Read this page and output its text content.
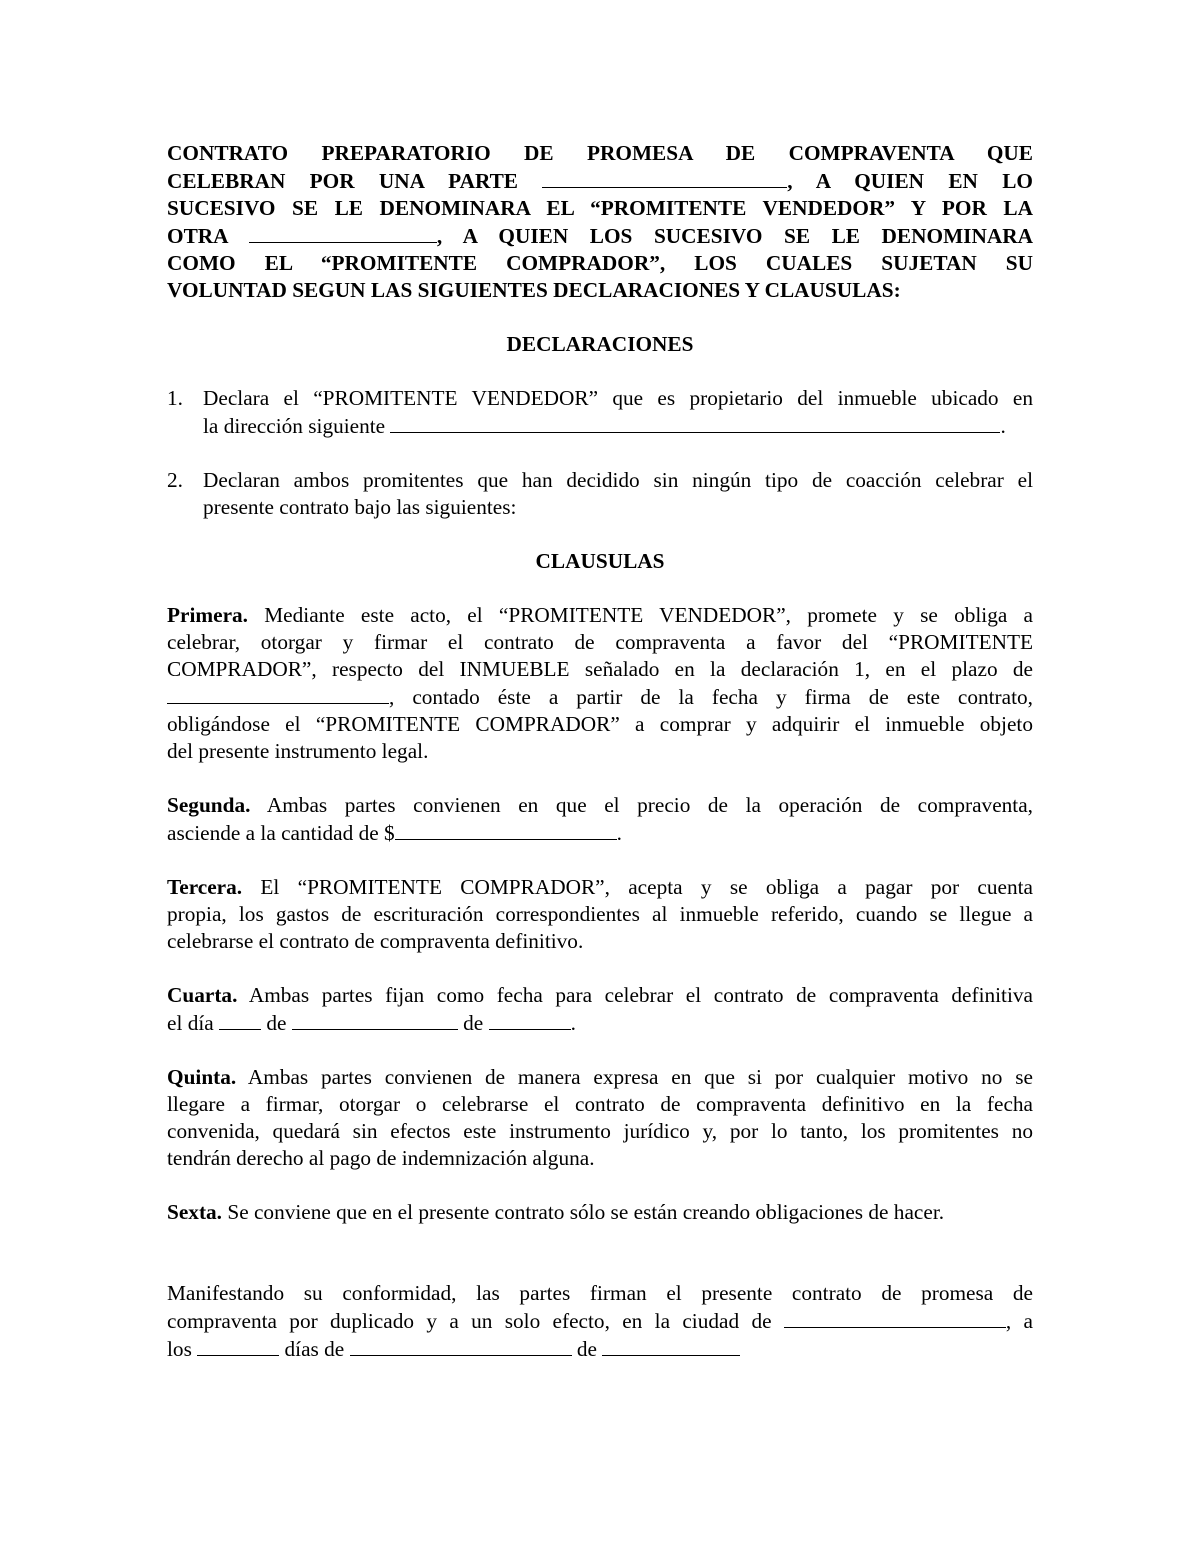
CONTRATO PREPARATORIO DE PROMESA DE COMPRAVENTA QUE
CELEBRAN POR UNA PARTE	, A QUIEN EN LO
SUCESIVO SE LE DENOMINARA EL “PROMITENTE VENDEDOR” Y POR LA
OTRA	, A QUIEN LOS SUCESIVO SE LE DENOMINARA
COMO EL “PROMITENTE COMPRADOR”, LOS CUALES SUJETAN SU
VOLUNTAD SEGUN LAS SIGUIENTES DECLARACIONES Y CLAUSULAS:

DECLARACIONES

1. Declara el “PROMITENTE VENDEDOR” que es propietario del inmueble ubicado en
la dirección siguiente	.
2. Declaran ambos promitentes que han decidido sin ningún tipo de coacción celebrar el
presente contrato bajo las siguientes:

CLAUSULAS

Primera. Mediante este acto, el “PROMITENTE VENDEDOR”, promete y se obliga a
celebrar, otorgar y firmar el contrato de compraventa a favor del “PROMITENTE
COMPRADOR”, respecto del INMUEBLE señalado en la declaración 1, en el plazo de
, contado éste a partir de la fecha y firma de este contrato,
obligándose el “PROMITENTE COMPRADOR” a comprar y adquirir el inmueble objeto
del presente instrumento legal.
Segunda. Ambas partes convienen en que el precio de la operación de compraventa,
asciende a la cantidad de $	.
Tercera. El “PROMITENTE COMPRADOR”, acepta y se obliga a pagar por cuenta
propia, los gastos de escrituración correspondientes al inmueble referido, cuando se llegue a
celebrarse el contrato de compraventa definitivo.
Cuarta. Ambas partes fijan como fecha para celebrar el contrato de compraventa definitiva
el día de	de	.
Quinta. Ambas partes convienen de manera expresa en que si por cualquier motivo no se
llegare a firmar, otorgar o celebrarse el contrato de compraventa definitivo en la fecha
convenida, quedará sin efectos este instrumento jurídico y, por lo tanto, los promitentes no
tendrán derecho al pago de indemnización alguna.
Sexta. Se conviene que en el presente contrato sólo se están creando obligaciones de hacer.
Manifestando su conformidad, las partes firman el presente contrato de promesa de
compraventa por duplicado y a un solo efecto, en la ciudad de	, a
los	días de	de
